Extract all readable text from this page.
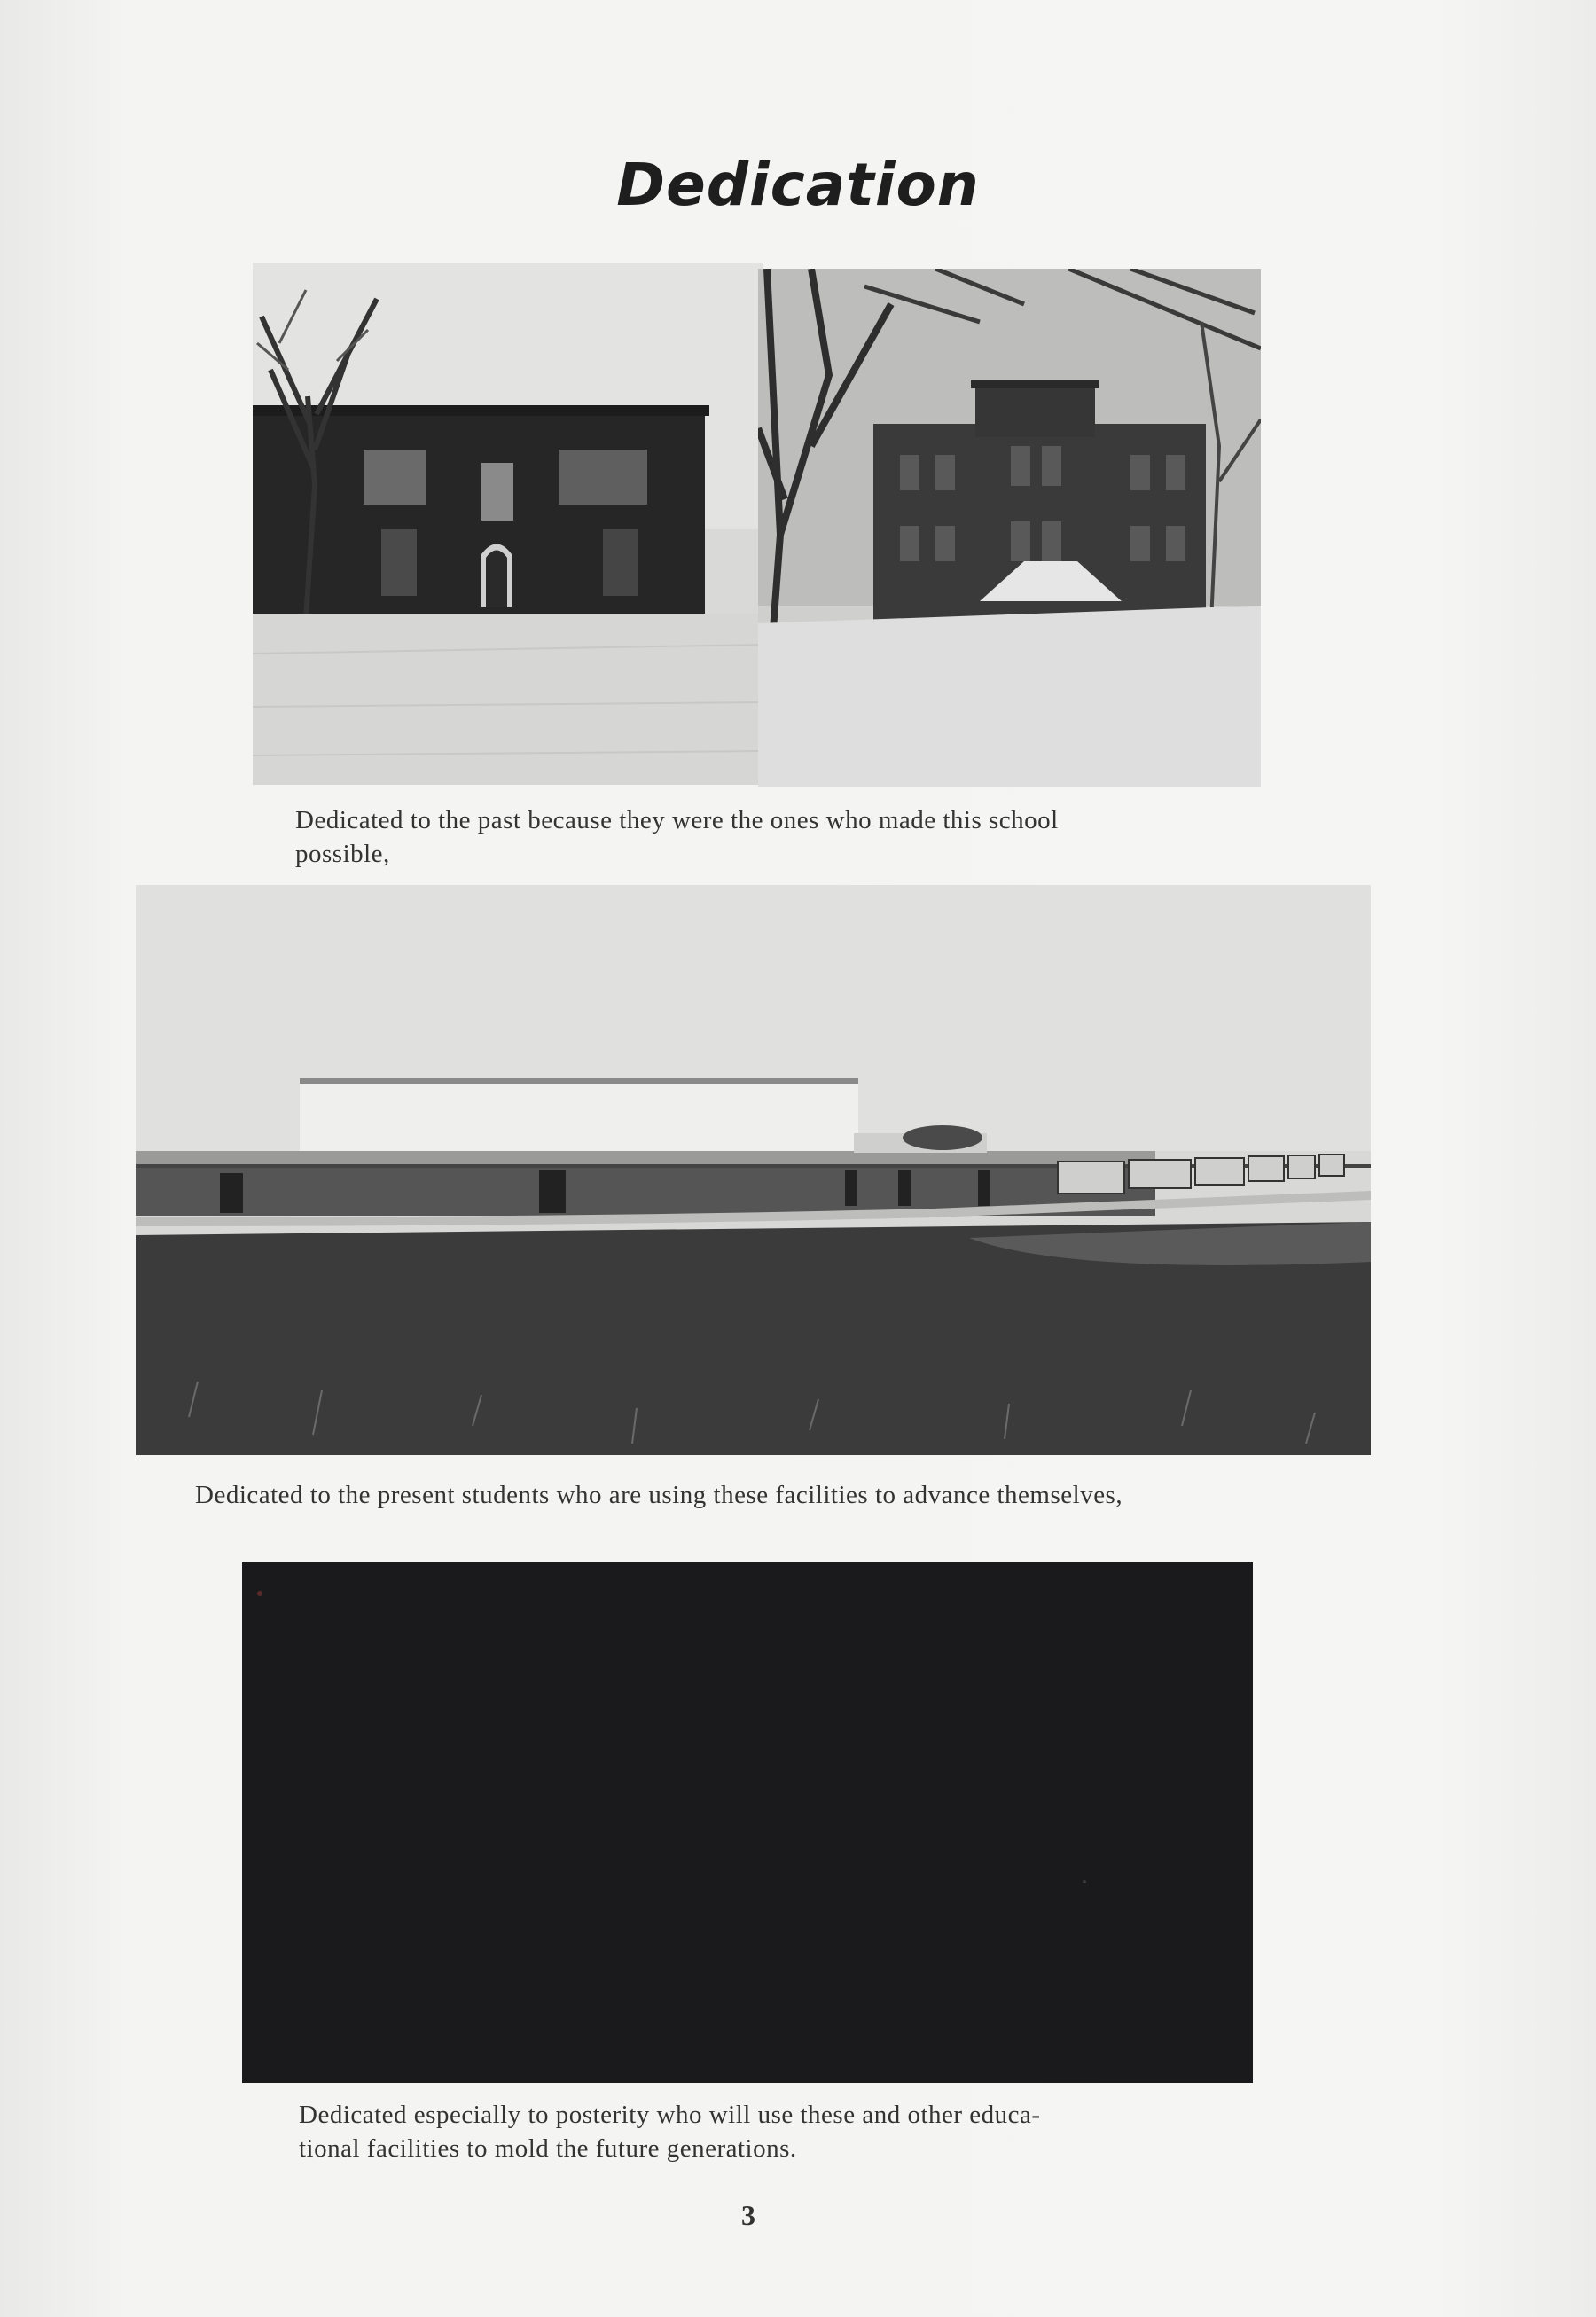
Dedication
Dedicated to the past because they were the ones who made this school
possible,
Dedicated to the present students who are using these facilities to advance themselves,
Dedicated especially to posterity who will use these and other educa-
tional facilities to mold the future generations.
3
